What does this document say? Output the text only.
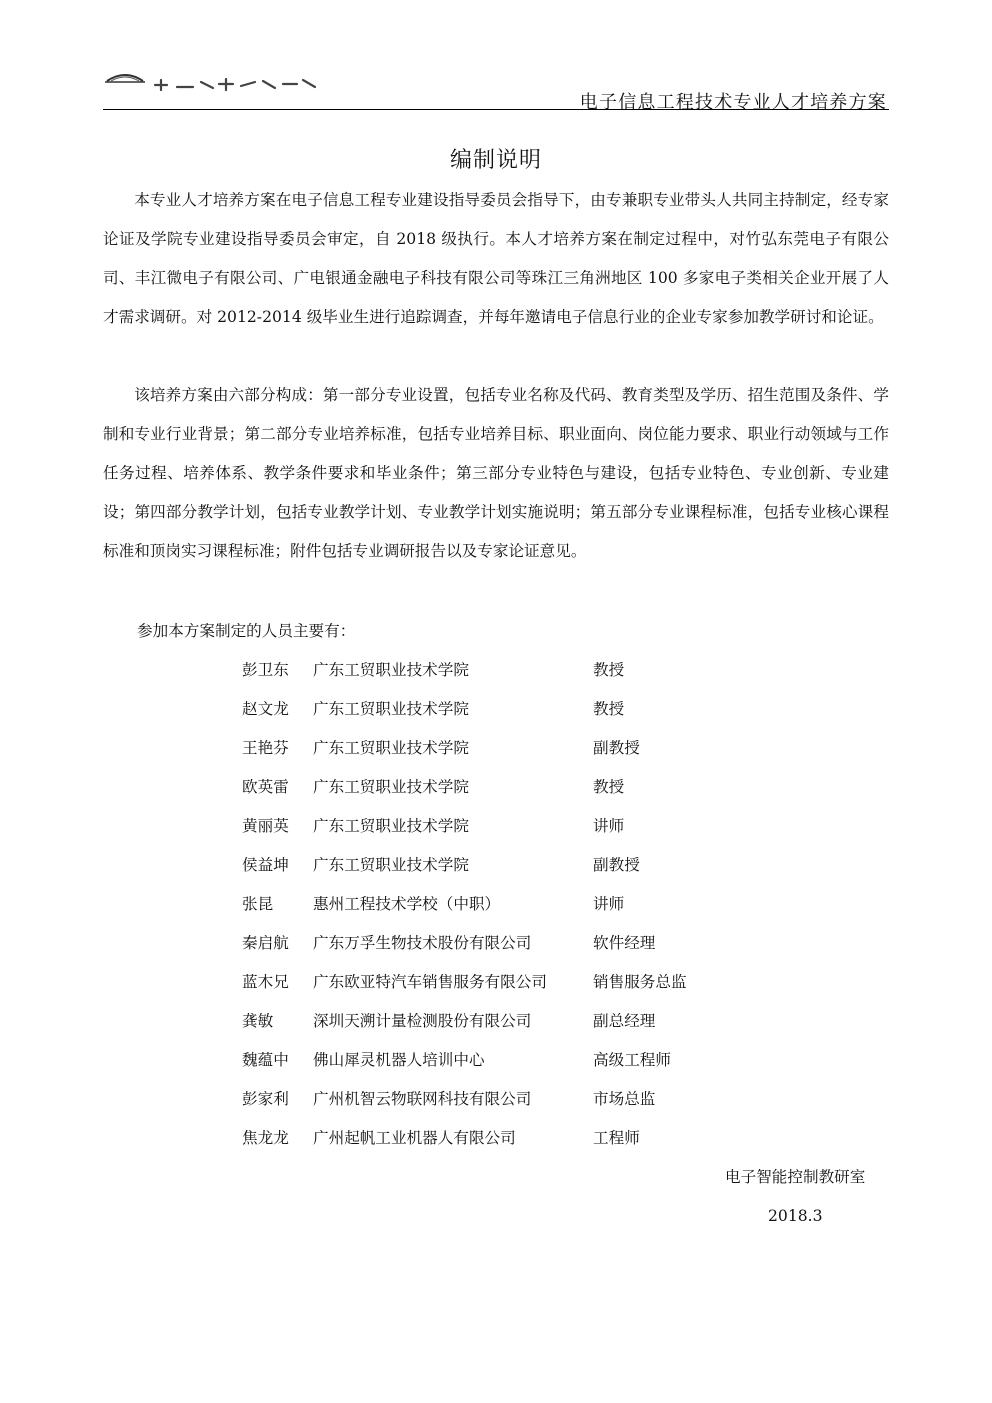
电子信息工程技术专业人才培养方案
编制说明

本专业人才培养方案在电子信息工程专业建设指导委员会指导下，由专兼职专业带头人共同主持制定，经专家论证及学院专业建设指导委员会审定，自 2018 级执行。本人才培养方案在制定过程中，对竹弘东莞电子有限公司、丰江微电子有限公司、广电银通金融电子科技有限公司等珠江三角洲地区 100 多家电子类相关企业开展了人才需求调研。对 2012-2014 级毕业生进行追踪调查，并每年邀请电子信息行业的企业专家参加教学研讨和论证。

该培养方案由六部分构成：第一部分专业设置，包括专业名称及代码、教育类型及学历、招生范围及条件、学制和专业行业背景；第二部分专业培养标准，包括专业培养目标、职业面向、岗位能力要求、职业行动领域与工作任务过程、培养体系、教学条件要求和毕业条件；第三部分专业特色与建设，包括专业特色、专业创新、专业建设；第四部分教学计划，包括专业教学计划、专业教学计划实施说明；第五部分专业课程标准，包括专业核心课程标准和顶岗实习课程标准；附件包括专业调研报告以及专家论证意见。

参加本方案制定的人员主要有：

彭卫东 广东工贸职业技术学院	教授
赵文龙 广东工贸职业技术学院	教授
王艳芬 广东工贸职业技术学院	副教授
欧英雷 广东工贸职业技术学院	教授
黄丽英 广东工贸职业技术学院	讲师
侯益坤 广东工贸职业技术学院	副教授
张昆	惠州工程技术学校（中职）	讲师
秦启航 广东万孚生物技术股份有限公司	软件经理
蓝木兄 广东欧亚特汽车销售服务有限公司	销售服务总监
龚敏	深圳天溯计量检测股份有限公司	副总经理
魏蕴中 佛山犀灵机器人培训中心	高级工程师
彭家利 广州机智云物联网科技有限公司	市场总监
焦龙龙 广州起帆工业机器人有限公司	工程师
电子智能控制教研室
2018.3
